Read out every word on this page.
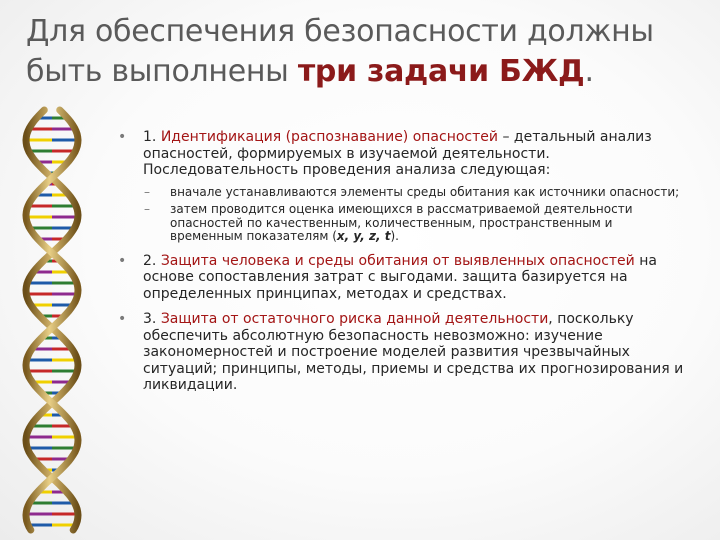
Для обеспечения безопасности должны быть выполнены три задачи БЖД.
• 1. Идентификация (распознавание) опасностей – детальный анализ опасностей, формируемых в изучаемой деятельности. Последовательность проведения анализа следующая:
– вначале устанавливаются элементы среды обитания как источники опасности;
– затем проводится оценка имеющихся в рассматриваемой деятельности опасностей по качественным, количественным, пространственным и временным показателям (x, y, z, t).
• 2. Защита человека и среды обитания от выявленных опасностей на основе сопоставления затрат с выгодами. защита базируется на определенных принципах, методах и средствах.
• 3. Защита от остаточного риска данной деятельности, поскольку обеспечить абсолютную безопасность невозможно: изучение закономерностей и построение моделей развития чрезвычайных ситуаций; принципы, методы, приемы и средства их прогнозирования и ликвидации.
